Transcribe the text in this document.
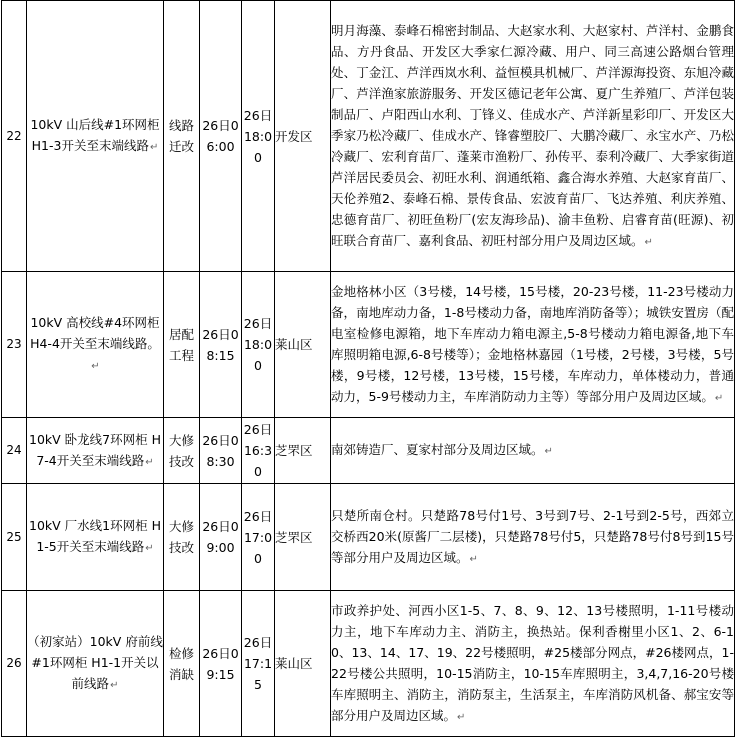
22	10kV 山后线#1环网柜 H1-3开关至末端线路↵	线路迁改	26日06:00	26日18:00	开发区	明月海藻、泰峰石棉密封制品、大赵家水利、大赵家村、芦洋村、金鹏食品、方丹食品、开发区大季家仁源冷藏、用户、同三高速公路烟台管理处、丁金江、芦洋西岚水利、益恒模具机械厂、芦洋源海投资、东旭冷藏厂、芦洋渔家旅游服务、开发区德记老年公寓、夏广生养殖厂、芦洋包装制品厂、卢阳西山水利、丁锋义、佳成水产、芦洋新星彩印厂、开发区大季家乃松冷藏厂、佳成水产、锋睿塑胶厂、大鹏冷藏厂、永宝水产、乃松冷藏厂、宏利育苗厂、蓬莱市渔粉厂、孙传平、泰利冷藏厂、大季家街道芦洋居民委员会、初旺水利、润通纸箱、鑫合海水养殖、大赵家育苗厂、天伦养殖2、泰峰石棉、景传食品、宏波育苗厂、飞达养殖、利庆养殖、忠德育苗厂、初旺鱼粉厂(宏友海珍品)、渝丰鱼粉、启睿育苗(旺源)、初旺联合育苗厂、嘉利食品、初旺村部分用户及周边区域。↵
23	10kV 高校线#4环网柜 H4-4开关至末端线路。↵	居配工程	26日08:15	26日18:00	莱山区	金地格林小区（3号楼，14号楼，15号楼，20-23号楼，11-23号楼动力备，南地库动力备，1-8号楼动力备，南地库消防备等）；城铁安置房（配电室检修电源箱，地下车库动力箱电源主,5-8号楼动力箱电源备,地下车库照明箱电源,6-8号楼等）；金地格林嘉园（1号楼，2号楼，3号楼，5号楼，9号楼，12号楼，13号楼，15号楼，车库动力，单体楼动力，普通动力，5-9号楼动力主，车库消防动力主等）等部分用户及周边区域。↵
24	10kV 卧龙线7环网柜 H7-4开关至末端线路↵	大修技改	26日08:30	26日16:30	芝罘区	南郊铸造厂、夏家村部分及周边区域。↵
25	10kV 厂水线1环网柜 H1-5开关至末端线路↵	大修技改	26日09:00	26日17:00	芝罘区	只楚所南仓村。只楚路78号付1号、3号到7号、2-1号到2-5号，西郊立交桥西20米(原酱厂二层楼)，只楚路78号付5，只楚路78号付8号到15号等部分用户及周边区域。↵
26	（初家站）10kV 府前线#1环网柜 H1-1开关以前线路↵	检修消缺	26日09:15	26日17:15	莱山区	市政养护处、河西小区1-5、7、8、9、12、13号楼照明，1-11号楼动力主，地下车库动力主、消防主，换热站。保利香榭里小区1、2、6-10、13、14、17、19、22号楼照明，#25楼部分网点，#26楼网点，1-22号楼公共照明，10-15消防主，10-15车库照明主，3,4,7,16-20号楼车库照明主、消防主，消防泵主，生活泵主，车库消防风机备、郝宝安等部分用户及周边区域。↵
